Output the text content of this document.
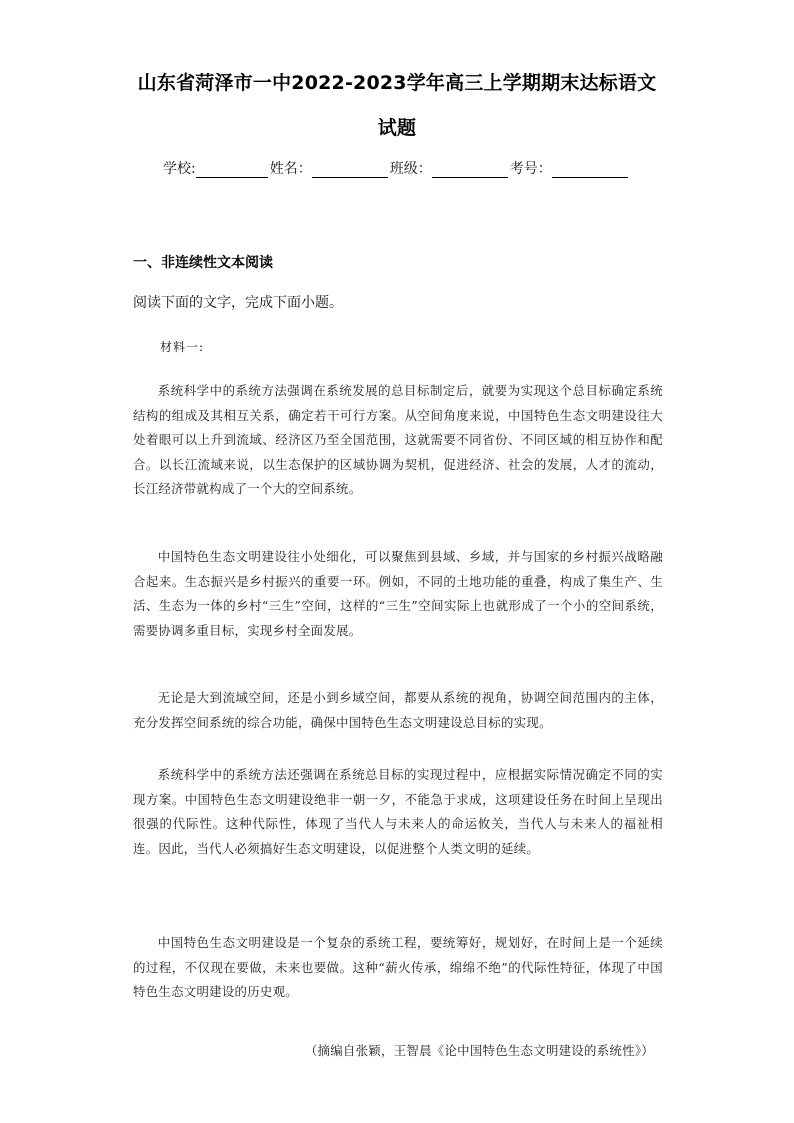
山东省菏泽市一中2022-2023学年高三上学期期末达标语文
试题
学校:	姓名：	班级：	考号：
一、非连续性文本阅读
阅读下面的文字，完成下面小题。
材料一:
系统科学中的系统方法强调在系统发展的总目标制定后，就要为实现这个总目标确定系统结构的组成及其相互关系，确定若干可行方案。从空间角度来说，中国特色生态文明建设往大处着眼可以上升到流域、经济区乃至全国范围，这就需要不同省份、不同区域的相互协作和配合。以长江流域来说，以生态保护的区域协调为契机，促进经济、社会的发展，人才的流动，长江经济带就构成了一个大的空间系统。
中国特色生态文明建设往小处细化，可以聚焦到县域、乡域，并与国家的乡村振兴战略融合起来。生态振兴是乡村振兴的重要一环。例如，不同的土地功能的重叠，构成了集生产、生活、生态为一体的乡村“三生”空间，这样的“三生”空间实际上也就形成了一个小的空间系统，需要协调多重目标，实现乡村全面发展。
无论是大到流域空间，还是小到乡域空间，都要从系统的视角，协调空间范围内的主体，充分发挥空间系统的综合功能，确保中国特色生态文明建设总目标的实现。
系统科学中的系统方法还强调在系统总目标的实现过程中，应根据实际情况确定不同的实现方案。中国特色生态文明建设绝非一朝一夕，不能急于求成，这项建设任务在时间上呈现出很强的代际性。这种代际性，体现了当代人与未来人的命运攸关，当代人与未来人的福祉相连。因此，当代人必须搞好生态文明建设，以促进整个人类文明的延续。
中国特色生态文明建设是一个复杂的系统工程，要统筹好，规划好，在时间上是一个延续的过程，不仅现在要做，未来也要做。这种“薪火传承，绵绵不绝”的代际性特征，体现了中国特色生态文明建设的历史观。
（摘编自张颖，王智晨《论中国特色生态文明建设的系统性》）
